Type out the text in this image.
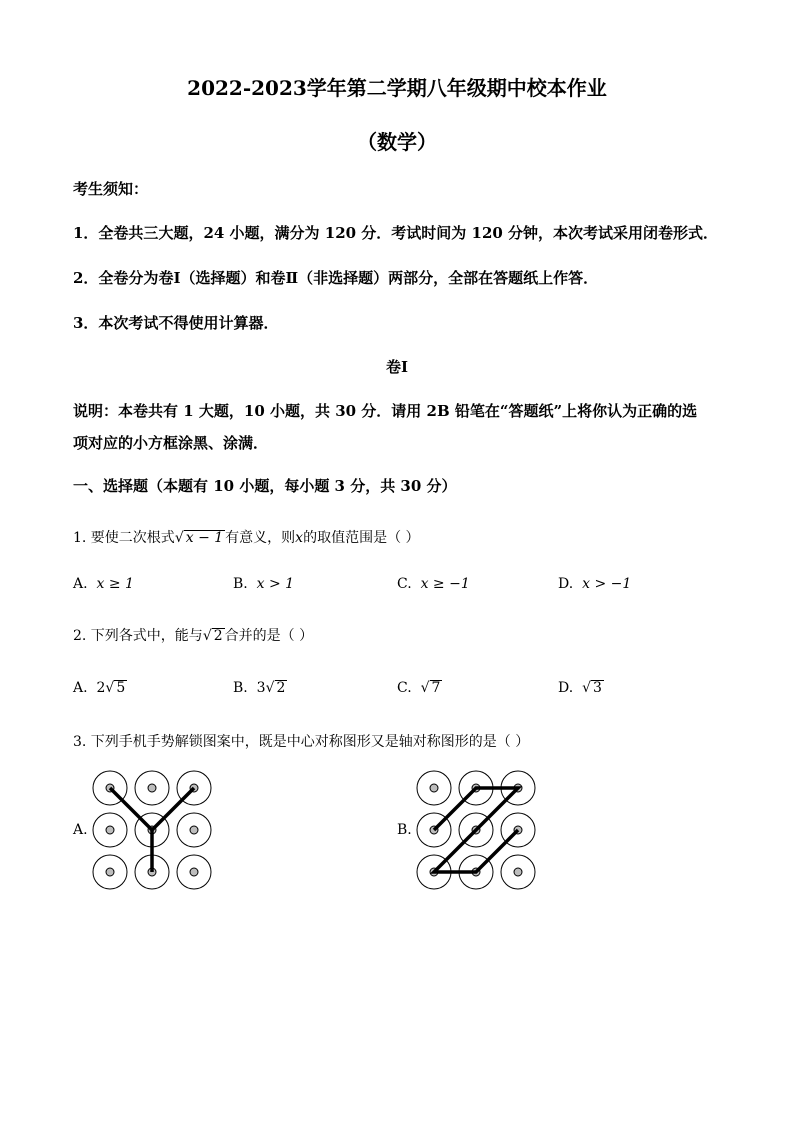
2022-2023学年第二学期八年级期中校本作业
（数学）
考生须知：
1．全卷共三大题，24 小题，满分为 120 分．考试时间为 120 分钟，本次考试采用闭卷形式．
2．全卷分为卷Ⅰ（选择题）和卷Ⅱ（非选择题）两部分，全部在答题纸上作答．
3．本次考试不得使用计算器．
卷Ⅰ
说明：本卷共有 1 大题，10 小题，共 30 分．请用 2B 铅笔在“答题纸”上将你认为正确的选
项对应的小方框涂黑、涂满．
一、选择题（本题有 10 小题，每小题 3 分，共 30 分）
1. 要使二次根式√ x − 1 有意义，则x的取值范围是（ ）
A. x ≥ 1	B. x > 1	C. x ≥ −1	D. x > −1
2. 下列各式中，能与√ 2 合并的是（ ）
A. 2√ 5	B. 3√ 2	C. √ 7	D. √ 3
3. 下列手机手势解锁图案中，既是中心对称图形又是轴对称图形的是（ ）
A.	B.
